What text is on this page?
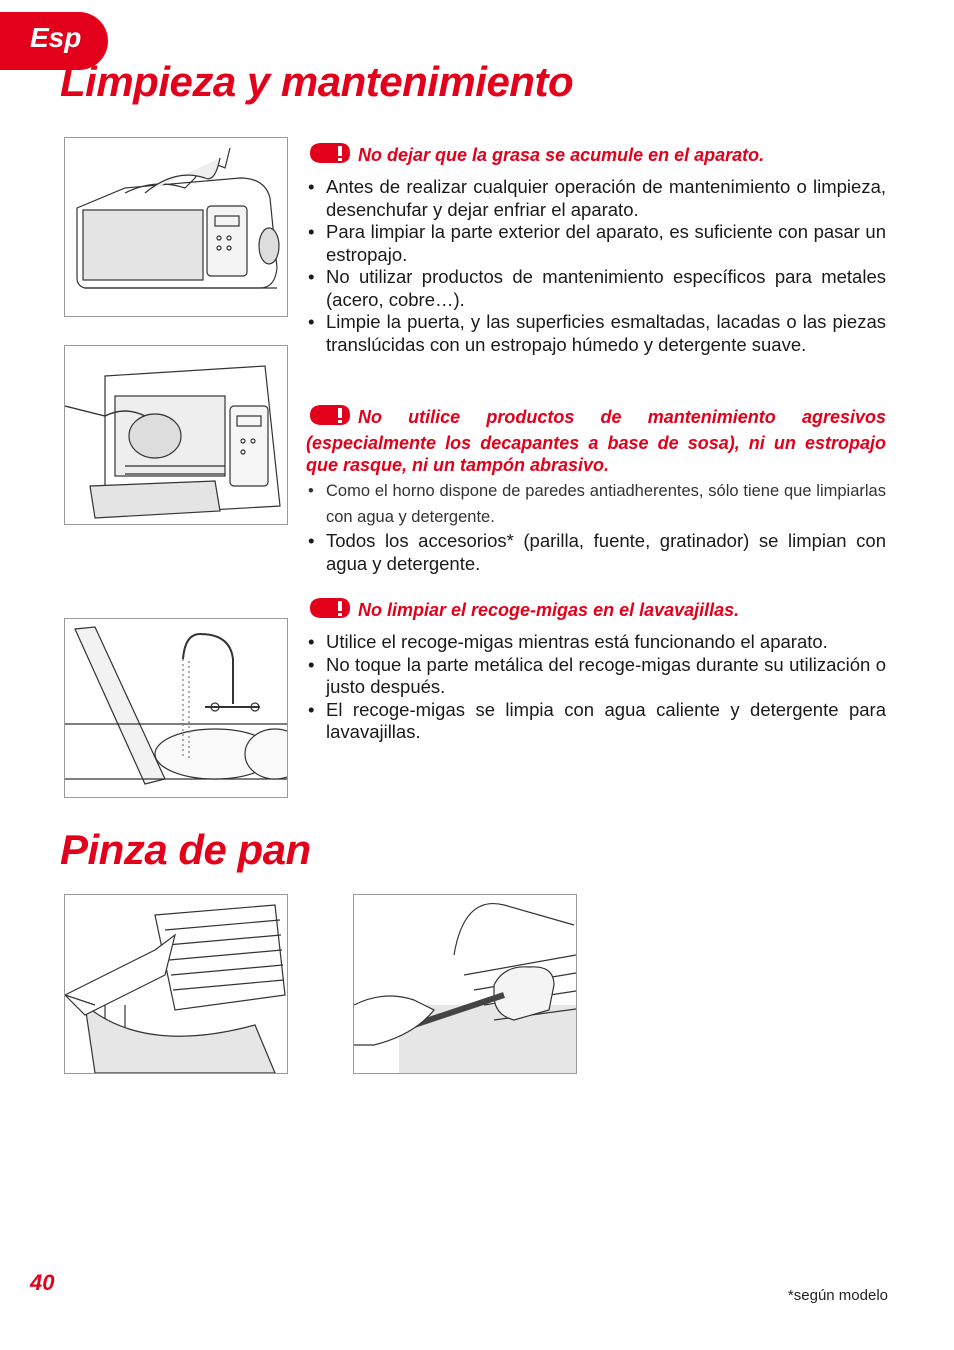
Esp
Limpieza y mantenimiento

No dejar que la grasa se acumule en el aparato.

• Antes de realizar cualquier operación de mantenimiento o limpieza, desenchufar y dejar enfriar el aparato.
• Para limpiar la parte exterior del aparato, es suficiente con pasar un estropajo.
• No utilizar productos de mantenimiento específicos para metales (acero, cobre…).
• Limpie la puerta, y las superficies esmaltadas, lacadas o las piezas translúcidas con un estropajo húmedo y detergente suave.

No utilice productos de mantenimiento agresivos (especialmente los decapantes a base de sosa), ni un estropajo que rasque, ni un tampón abrasivo.

• Como el horno dispone de paredes antiadherentes, sólo tiene que limpiarlas con agua y detergente.
• Todos los accesorios* (parilla, fuente, gratinador) se limpian con agua y detergente.

No limpiar el recoge-migas en el lavavajillas.

• Utilice el recoge-migas mientras está funcionando el aparato.
• No toque la parte metálica del recoge-migas durante su utilización o justo después.
• El recoge-migas se limpia con agua caliente y detergente para lavavajillas.
Pinza de pan
40
*según modelo
